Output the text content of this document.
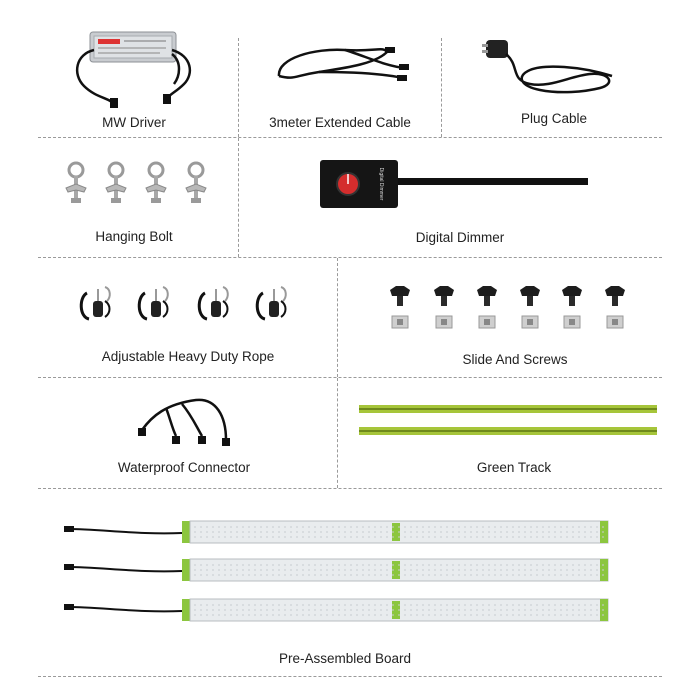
MW Driver	3meter Extended Cable	Plug Cable
Hanging Bolt
Digital Dimmer
Digital Dimmer
Adjustable Heavy Duty Rope	Slide And Screws
Waterproof Connector	Green Track
Pre-Assembled Board
